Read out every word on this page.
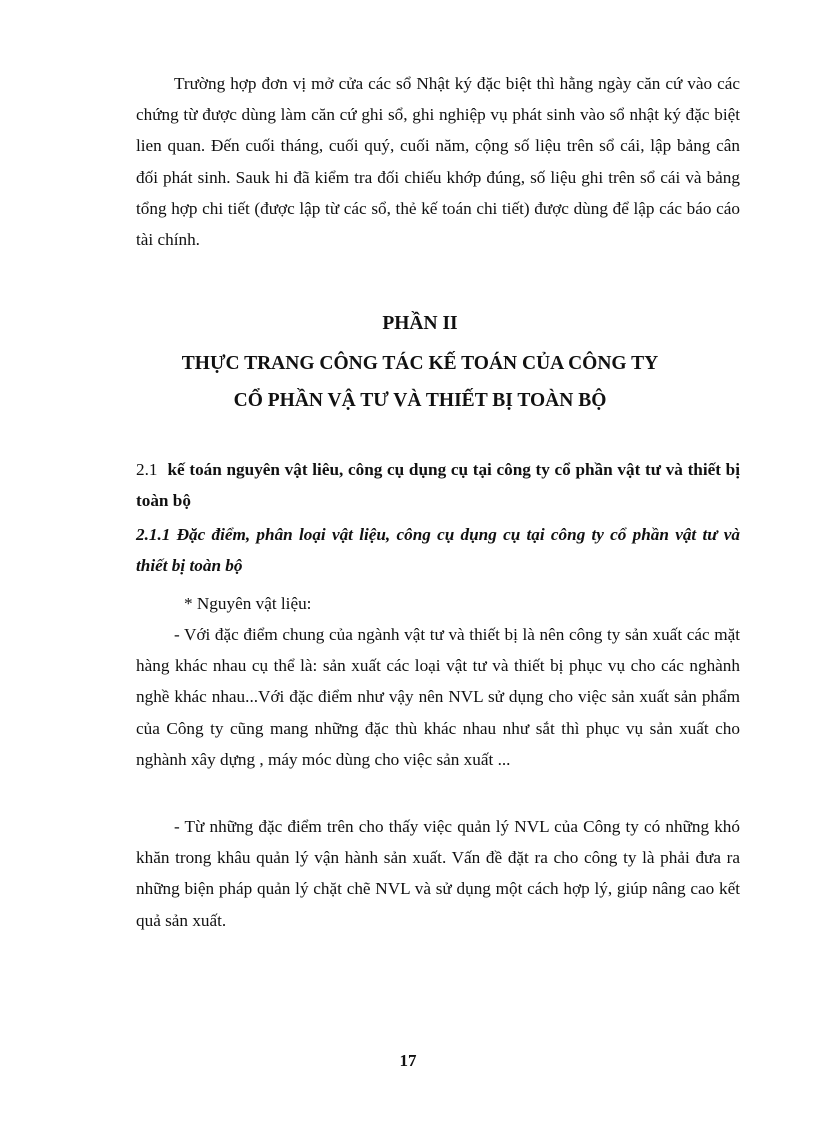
Trường hợp đơn vị mở cửa các sổ Nhật ký đặc biệt thì hằng ngày căn cứ vào các chứng từ được dùng làm căn cứ ghi sổ, ghi nghiệp vụ phát sinh vào sổ nhật ký đặc biệt lien quan. Đến cuối tháng, cuối quý, cuối năm, cộng số liệu trên sổ cái, lập bảng cân đối phát sinh. Sauk hi đã kiểm tra đối chiếu khớp đúng, số liệu ghi trên sổ cái và bảng tổng hợp chi tiết (được lập từ các sổ, thẻ kế toán chi tiết) được dùng để lập các báo cáo tài chính.

PHẦN II

THỰC TRANG CÔNG TÁC KẾ TOÁN CỦA CÔNG TY

CỔ PHẦN VẬ TƯ VÀ THIẾT BỊ TOÀN BỘ

2.1 kế toán nguyên vật liêu, công cụ dụng cụ tại công ty cổ phần vật tư và thiết bị toàn bộ

2.1.1 Đặc điểm, phân loại vật liệu, công cụ dụng cụ tại công ty cổ phần vật tư và thiết bị toàn bộ

* Nguyên vật liệu:

- Với đặc điểm chung của ngành vật tư và thiết bị là nên công ty sản xuất các mặt hàng khác nhau cụ thể là: sản xuất các loại vật tư và thiết bị phục vụ cho các nghành nghề khác nhau...Với đặc điểm như vậy nên NVL sử dụng cho việc sản xuất sản phẩm của Công ty cũng mang những đặc thù khác nhau như sắt thì phục vụ sản xuất cho nghành xây dựng , máy móc dùng cho việc sản xuất ...

- Từ những đặc điểm trên cho thấy việc quản lý NVL của Công ty có những khó khăn trong khâu quản lý vận hành sản xuất. Vấn đề đặt ra cho công ty là phải đưa ra những biện pháp quản lý chặt chẽ NVL và sử dụng một cách hợp lý, giúp nâng cao kết quả sản xuất.

17
